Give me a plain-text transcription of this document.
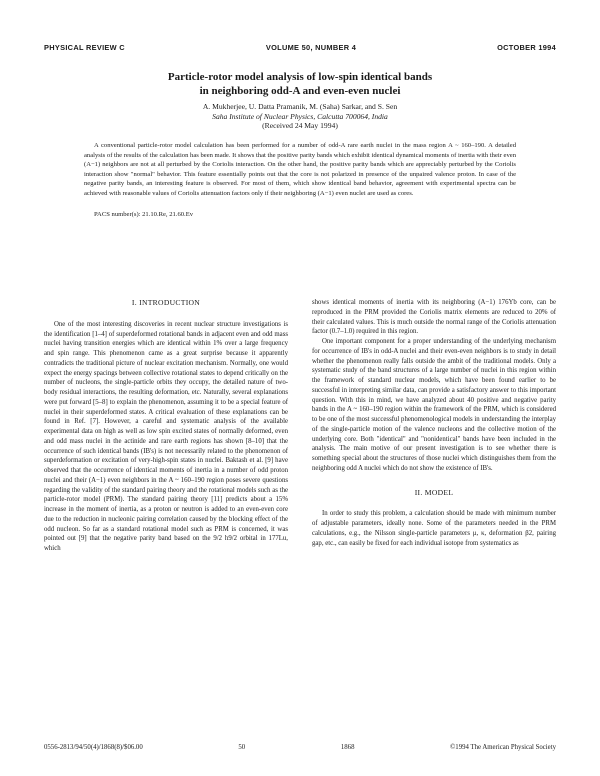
PHYSICAL REVIEW C	VOLUME 50, NUMBER 4	OCTOBER 1994
Particle-rotor model analysis of low-spin identical bands
in neighboring odd-A and even-even nuclei
A. Mukherjee, U. Datta Pramanik, M. (Saha) Sarkar, and S. Sen
Saha Institute of Nuclear Physics, Calcutta 700064, India
(Received 24 May 1994)

A conventional particle-rotor model calculation has been performed for a number of odd-A rare earth nuclei in the mass region A ~ 160–190. A detailed analysis of the results of the calculation has been made. It shows that the positive parity bands which exhibit identical dynamical moments of inertia with their even (A−1) neighbors are not at all perturbed by the Coriolis interaction. On the other hand, the positive parity bands which are appreciably perturbed by the Coriolis interaction show "normal" behavior. This feature essentially points out that the core is not polarized in presence of the unpaired valence proton. In case of the negative parity bands, an interesting feature is observed. For most of them, which show identical band behavior, agreement with experimental spectra can be achieved with reasonable values of Coriolis attenuation factors only if their neighboring (A−1) even nuclei are used as cores.

PACS number(s): 21.10.Re, 21.60.Ev

I. INTRODUCTION

One of the most interesting discoveries in recent nuclear structure investigations is the identification [1–4] of superdeformed rotational bands in adjacent even and odd mass nuclei having transition energies which are identical within 1% over a large frequency and spin range. This phenomenon came as a great surprise because it apparently contradicts the traditional picture of nuclear excitation mechanism. Normally, one would expect the energy spacings between collective rotational states to depend critically on the number of nucleons, the single-particle orbits they occupy, the detailed nature of two-body residual interactions, the resulting deformation, etc. Naturally, several explanations were put forward [5–8] to explain the phenomenon, assuming it to be a special feature of nuclei in their superdeformed states. A critical evaluation of these explanations can be found in Ref. [7]. However, a careful and systematic analysis of the available experimental data on high as well as low spin excited states of normally deformed, even and odd mass nuclei in the actinide and rare earth regions has shown [8–10] that the occurrence of such identical bands (IB's) is not necessarily related to the phenomenon of superdeformation or excitation of very-high-spin states in nuclei. Baktash et al. [9] have observed that the occurrence of identical moments of inertia in a number of odd proton nuclei and their (A−1) even neighbors in the A ~ 160–190 region poses severe questions regarding the validity of the standard pairing theory and the rotational models such as the particle-rotor model (PRM). The standard pairing theory [11] predicts about a 15% increase in the moment of inertia, as a proton or neutron is added to an even-even core due to the reduction in nucleonic pairing correlation caused by the blocking effect of the odd nucleon. So far as a standard rotational model such as PRM is concerned, it was pointed out [9] that the negative parity band based on the 9/2 h9/2 orbital in 177Lu, which

shows identical moments of inertia with its neighboring (A−1) 176Yb core, can be reproduced in the PRM provided the Coriolis matrix elements are reduced to 20% of their calculated values. This is much outside the normal range of the Coriolis attenuation factor (0.7–1.0) required in this region.

One important component for a proper understanding of the underlying mechanism for occurrence of IB's in odd-A nuclei and their even-even neighbors is to study in detail whether the phenomenon really falls outside the ambit of the traditional models. Only a systematic study of the band structures of a large number of nuclei in this region within the framework of standard nuclear models, which have been found earlier to be successful in interpreting similar data, can provide a satisfactory answer to this important question. With this in mind, we have analyzed about 40 positive and negative parity bands in the A ~ 160–190 region within the framework of the PRM, which is considered to be one of the most successful phenomenological models in understanding the interplay of the single-particle motion of the valence nucleons and the collective motion of the underlying core. Both "identical" and "nonidentical" bands have been included in the analysis. The main motive of our present investigation is to see whether there is something special about the structures of those nuclei which distinguishes them from the neighboring odd A nuclei which do not show the existence of IB's.

II. MODEL

In order to study this problem, a calculation should be made with minimum number of adjustable parameters, ideally none. Some of the parameters needed in the PRM calculations, e.g., the Nilsson single-particle parameters μ, κ, deformation β2, pairing gap, etc., can easily be fixed for each individual isotope from systematics as

0556-2813/94/50(4)/1868(8)/$06.00	50	1868	©1994 The American Physical Society
